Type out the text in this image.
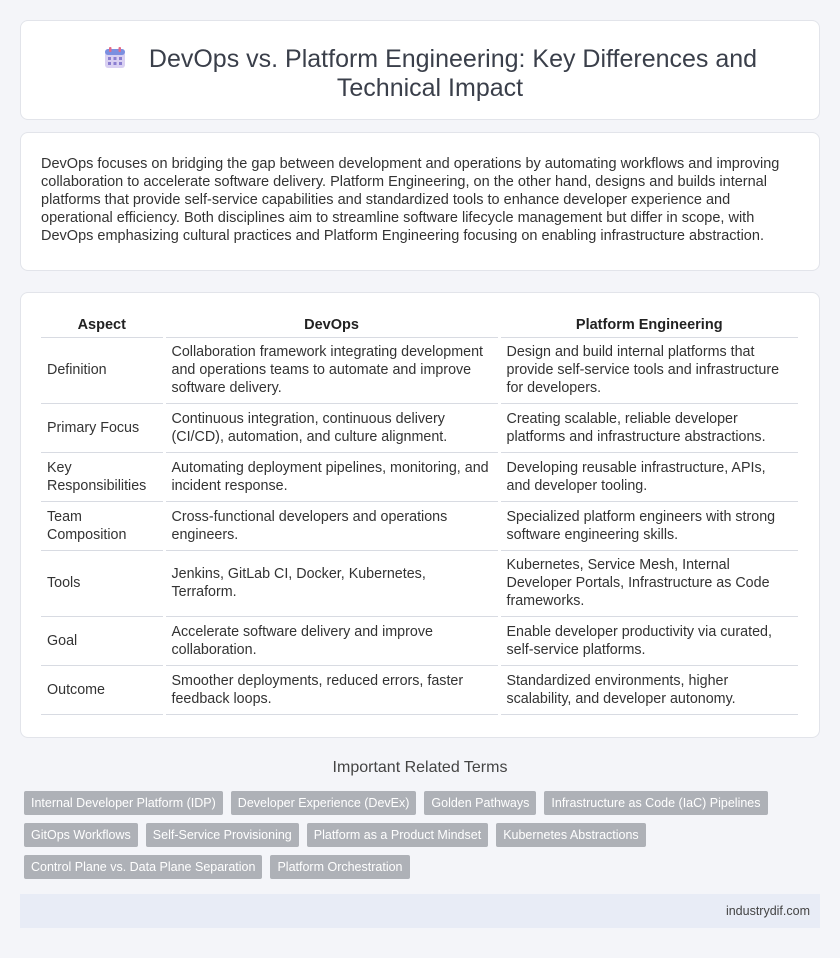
DevOps vs. Platform Engineering: Key Differences and Technical Impact

DevOps focuses on bridging the gap between development and operations by automating workflows and improving collaboration to accelerate software delivery. Platform Engineering, on the other hand, designs and builds internal platforms that provide self-service capabilities and standardized tools to enhance developer experience and operational efficiency. Both disciplines aim to streamline software lifecycle management but differ in scope, with DevOps emphasizing cultural practices and Platform Engineering focusing on enabling infrastructure abstraction.

Aspect	DevOps	Platform Engineering
Definition	Collaboration framework integrating development and operations teams to automate and improve software delivery.	Design and build internal platforms that provide self-service tools and infrastructure for developers.
Primary Focus	Continuous integration, continuous delivery (CI/CD), automation, and culture alignment.	Creating scalable, reliable developer platforms and infrastructure abstractions.
Key Responsibilities	Automating deployment pipelines, monitoring, and incident response.	Developing reusable infrastructure, APIs, and developer tooling.
Team Composition	Cross-functional developers and operations engineers.	Specialized platform engineers with strong software engineering skills.
Tools	Jenkins, GitLab CI, Docker, Kubernetes, Terraform.	Kubernetes, Service Mesh, Internal Developer Portals, Infrastructure as Code frameworks.
Goal	Accelerate software delivery and improve collaboration.	Enable developer productivity via curated, self-service platforms.
Outcome	Smoother deployments, reduced errors, faster feedback loops.	Standardized environments, higher scalability, and developer autonomy.
Important Related Terms
Internal Developer Platform (IDP)	Developer Experience (DevEx)	Golden Pathways	Infrastructure as Code (IaC) Pipelines
GitOps Workflows	Self-Service Provisioning	Platform as a Product Mindset	Kubernetes Abstractions
Control Plane vs. Data Plane Separation	Platform Orchestration
industrydif.com
